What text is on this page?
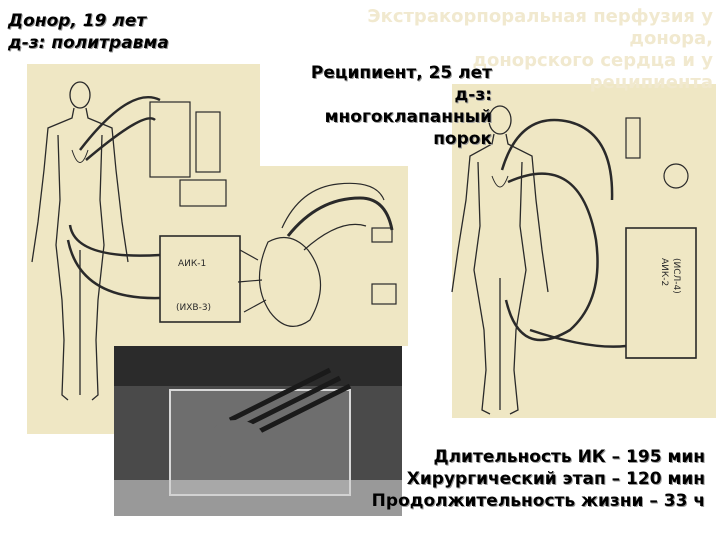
АИК-1
(ИХВ-3)
АИК-2 (ИСЛ-4)
Экстракорпоральная перфузия у
донора,
донорского сердца и у
реципиента
Донор, 19 лет
д-з: политравма
Реципиент, 25 лет
д-з:
многоклапанный
порок
Длительность ИК – 195 мин
Хирургический этап – 120 мин
Продолжительность жизни – 33 ч
